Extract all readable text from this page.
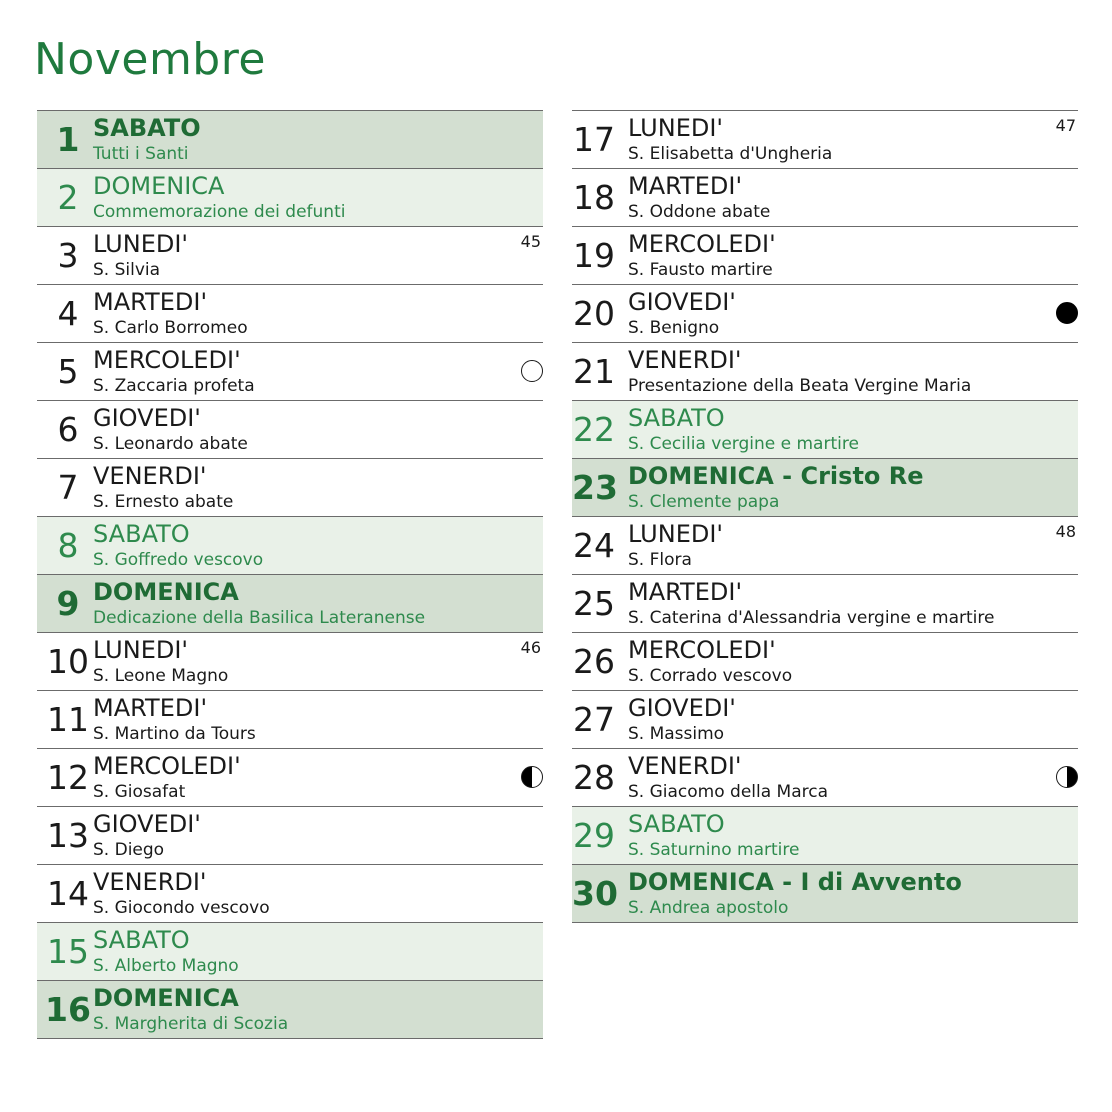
Novembre
1 SABATO
Tutti i Santi
2 DOMENICA
Commemorazione dei defunti
3 LUNEDI'
S. Silvia
45
4 MARTEDI'
S. Carlo Borromeo
5 MERCOLEDI'
S. Zaccaria profeta
6 GIOVEDI'
S. Leonardo abate
7 VENERDI'
S. Ernesto abate
8 SABATO
S. Goffredo vescovo
9 DOMENICA
Dedicazione della Basilica Lateranense
10 LUNEDI'
S. Leone Magno
46
11 MARTEDI'
S. Martino da Tours
12 MERCOLEDI'
S. Giosafat
13 GIOVEDI'
S. Diego
14 VENERDI'
S. Giocondo vescovo
15 SABATO
S. Alberto Magno
16 DOMENICA
S. Margherita di Scozia
17 LUNEDI'
S. Elisabetta d'Ungheria
47
18 MARTEDI'
S. Oddone abate
19 MERCOLEDI'
S. Fausto martire
20 GIOVEDI'
S. Benigno
21 VENERDI'
Presentazione della Beata Vergine Maria
22 SABATO
S. Cecilia vergine e martire
23 DOMENICA - Cristo Re
S. Clemente papa
24 LUNEDI'
S. Flora
48
25 MARTEDI'
S. Caterina d'Alessandria vergine e martire
26 MERCOLEDI'
S. Corrado vescovo
27 GIOVEDI'
S. Massimo
28 VENERDI'
S. Giacomo della Marca
29 SABATO
S. Saturnino martire
30 DOMENICA - I di Avvento
S. Andrea apostolo
